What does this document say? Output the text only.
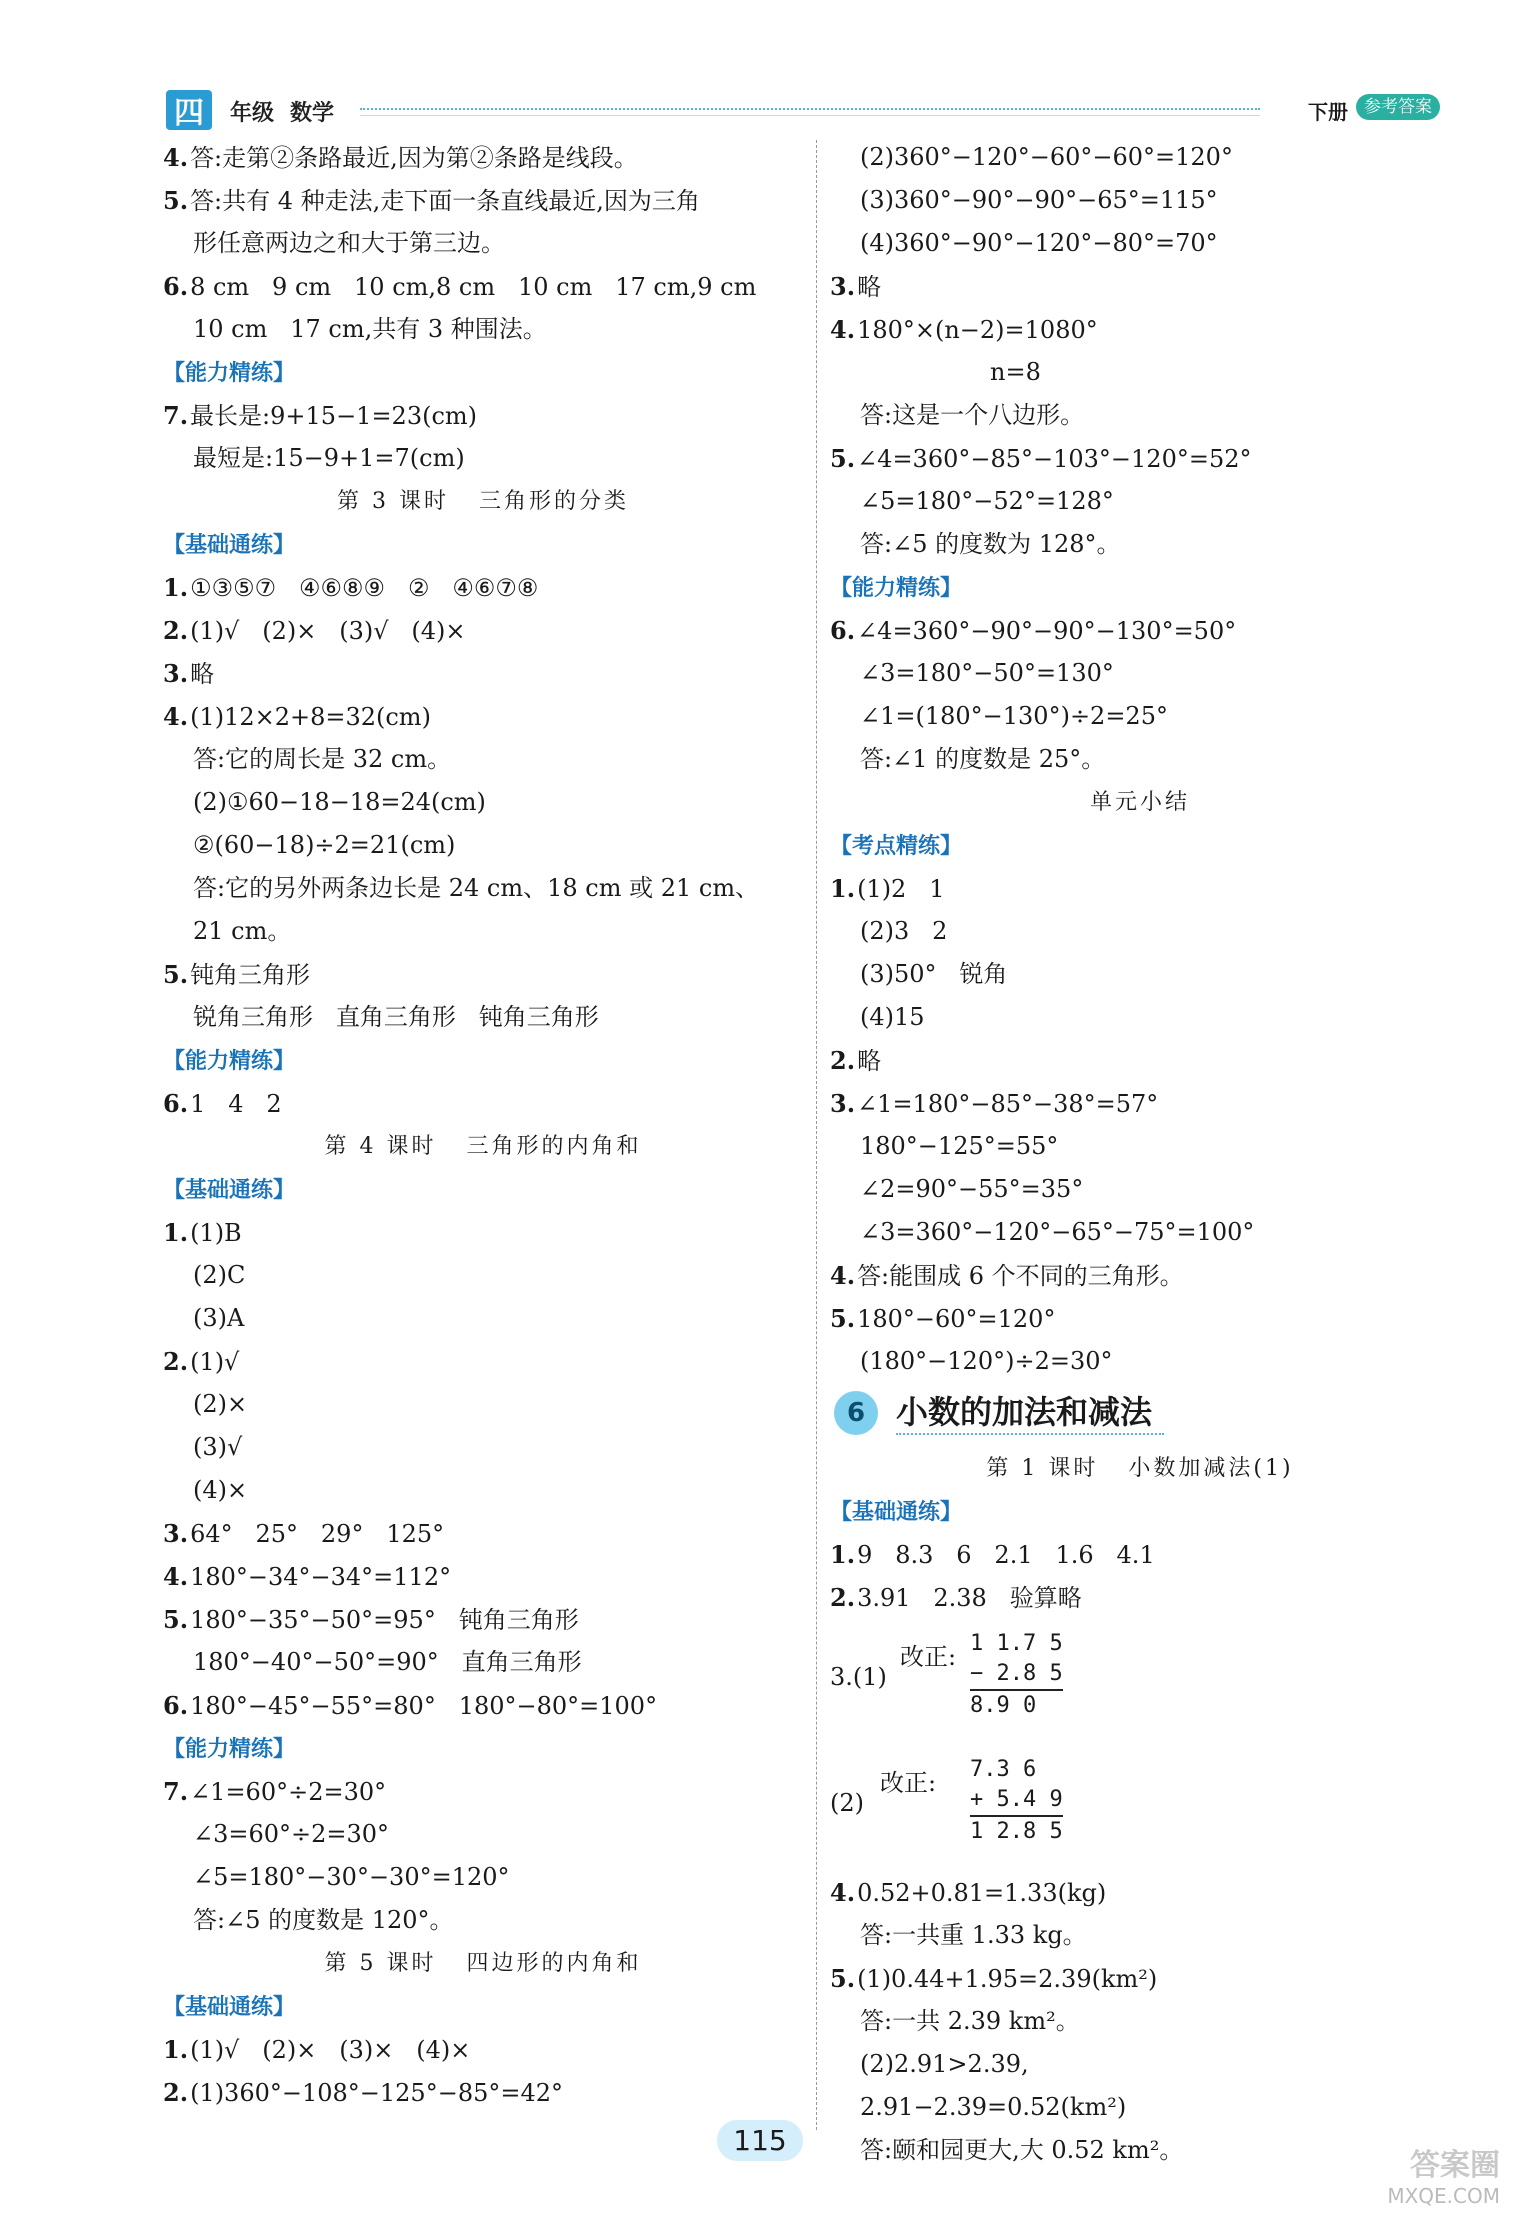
四	年级 数学	下册 参考答案
4.答:走第②条路最近,因为第②条路是线段。
5.答:共有 4 种走法,走下面一条直线最近,因为三角
形任意两边之和大于第三边。
6.8 cm   9 cm   10 cm,8 cm   10 cm   17 cm,9 cm
10 cm   17 cm,共有 3 种围法。
【能力精练】
7.最长是:9+15−1=23(cm)
最短是:15−9+1=7(cm)
第 3 课时   三角形的分类
【基础通练】
1.①③⑤⑦   ④⑥⑧⑨   ②   ④⑥⑦⑧
2.(1)√   (2)×   (3)√   (4)×
3.略
4.(1)12×2+8=32(cm)
答:它的周长是 32 cm。
(2)①60−18−18=24(cm)
②(60−18)÷2=21(cm)
答:它的另外两条边长是 24 cm、18 cm 或 21 cm、
21 cm。
5.钝角三角形
锐角三角形   直角三角形   钝角三角形
【能力精练】
6.1   4   2
第 4 课时   三角形的内角和
【基础通练】
1.(1)B
(2)C
(3)A
2.(1)√
(2)×
(3)√
(4)×
3.64°   25°   29°   125°
4.180°−34°−34°=112°
5.180°−35°−50°=95°   钝角三角形
180°−40°−50°=90°   直角三角形
6.180°−45°−55°=80°   180°−80°=100°
【能力精练】
7.∠1=60°÷2=30°
∠3=60°÷2=30°
∠5=180°−30°−30°=120°
答:∠5 的度数是 120°。
第 5 课时   四边形的内角和
【基础通练】
1.(1)√   (2)×   (3)×   (4)×
2.(1)360°−108°−125°−85°=42°
(2)360°−120°−60°−60°=120°
(3)360°−90°−90°−65°=115°
(4)360°−90°−120°−80°=70°
3.略
4.180°×(n−2)=1080°
n=8
答:这是一个八边形。
5.∠4=360°−85°−103°−120°=52°
∠5=180°−52°=128°
答:∠5 的度数为 128°。
【能力精练】
6.∠4=360°−90°−90°−130°=50°
∠3=180°−50°=130°
∠1=(180°−130°)÷2=25°
答:∠1 的度数是 25°。
单元小结
【考点精练】
1.(1)2   1
(2)3   2
(3)50°   锐角
(4)15
2.略
3.∠1=180°−85°−38°=57°
180°−125°=55°
∠2=90°−55°=35°
∠3=360°−120°−65°−75°=100°
4.答:能围成 6 个不同的三角形。
5.180°−60°=120°
(180°−120°)÷2=30°
6 小数的加法和减法
第 1 课时   小数加减法(1)
【基础通练】
1.9   8.3   6   2.1   1.6   4.1
2.3.91   2.38   验算略
3.(1)
改正: 1 1.7 5
− 2.8 5
8.9 0
(2)
改正: 7.3 6
+ 5.4 9
1 2.8 5
4.0.52+0.81=1.33(kg)
答:一共重 1.33 kg。
5.(1)0.44+1.95=2.39(km²)
答:一共 2.39 km²。
(2)2.91>2.39,
2.91−2.39=0.52(km²)
答:颐和园更大,大 0.52 km²。
115
答案圈
MXQE.COM
